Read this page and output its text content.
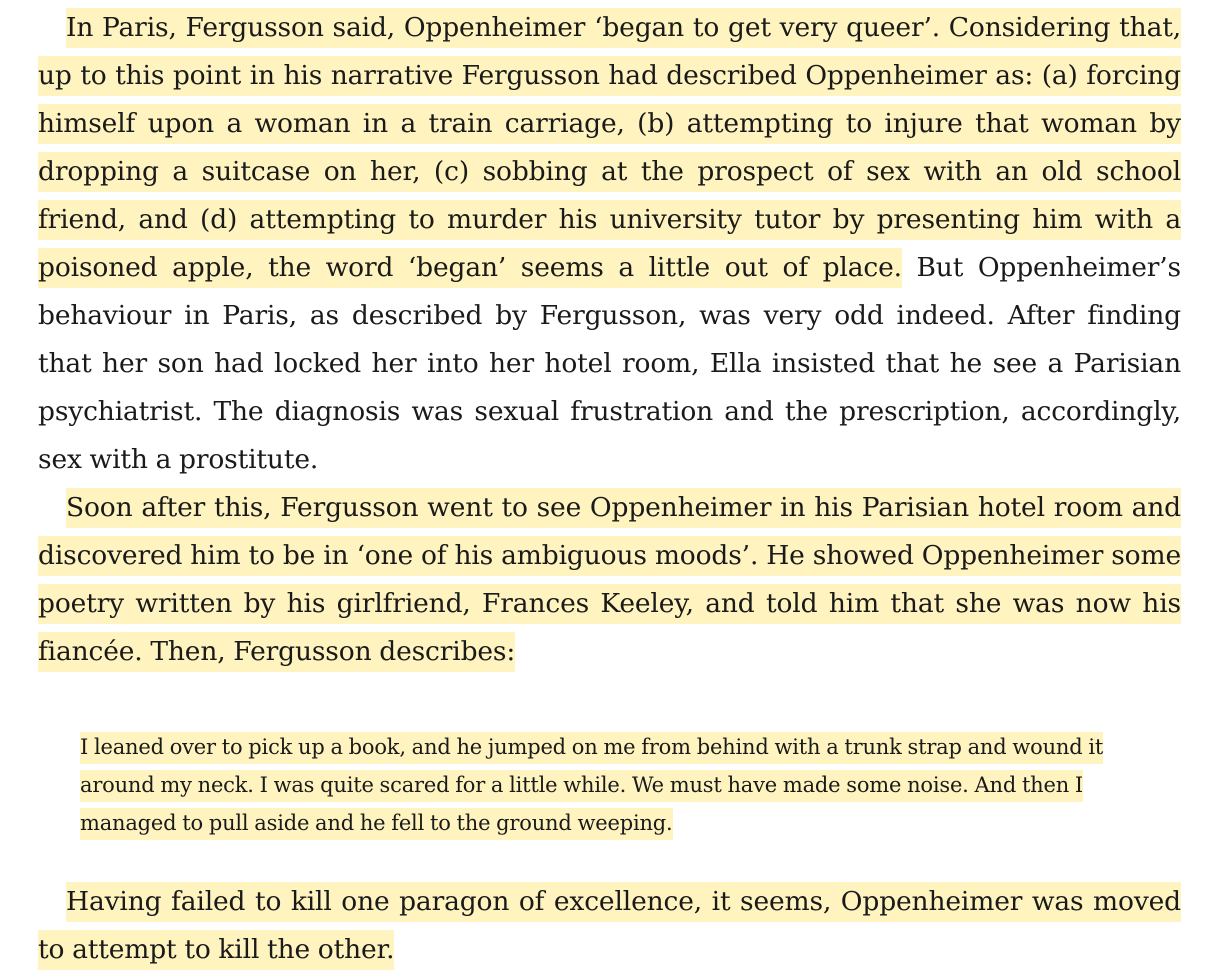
In Paris, Fergusson said, Oppenheimer ‘began to get very queer’. Considering that, up to this point in his narrative Fergusson had described Oppenheimer as: (a) forcing himself upon a woman in a train carriage, (b) attempting to injure that woman by dropping a suitcase on her, (c) sobbing at the prospect of sex with an old school friend, and (d) attempting to murder his university tutor by presenting him with a poisoned apple, the word ‘began’ seems a little out of place. But Oppenheimer’s behaviour in Paris, as described by Fergusson, was very odd indeed. After finding that her son had locked her into her hotel room, Ella insisted that he see a Parisian psychiatrist. The diagnosis was sexual frustration and the prescription, accordingly, sex with a prostitute.

Soon after this, Fergusson went to see Oppenheimer in his Parisian hotel room and discovered him to be in ‘one of his ambiguous moods’. He showed Oppenheimer some poetry written by his girlfriend, Frances Keeley, and told him that she was now his fiancée. Then, Fergusson describes:

I leaned over to pick up a book, and he jumped on me from behind with a trunk strap and wound it around my neck. I was quite scared for a little while. We must have made some noise. And then I managed to pull aside and he fell to the ground weeping.

Having failed to kill one paragon of excellence, it seems, Oppenheimer was moved to attempt to kill the other.
